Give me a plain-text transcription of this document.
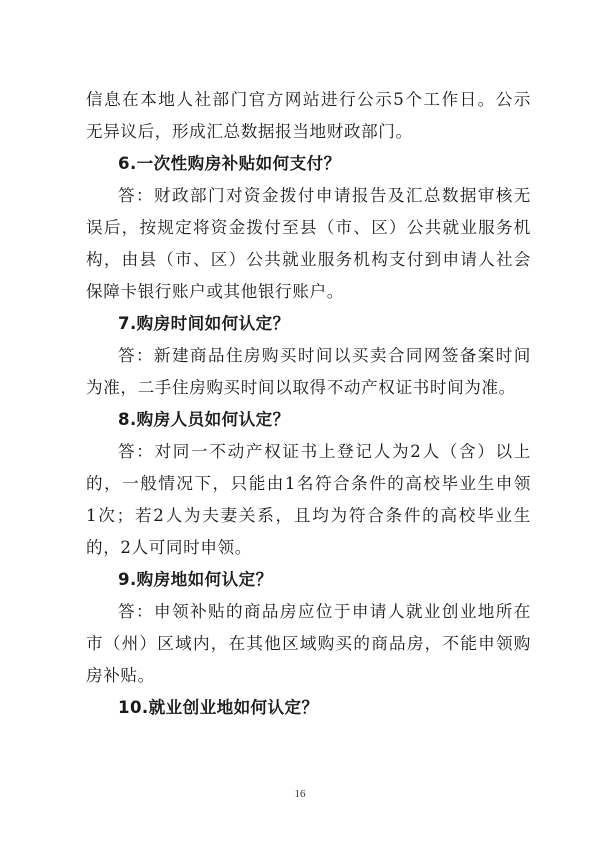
信息在本地人社部门官方网站进行公示5个工作日。公示
无异议后，形成汇总数据报当地财政部门。
6.一次性购房补贴如何支付？
答：财政部门对资金拨付申请报告及汇总数据审核无
误后，按规定将资金拨付至县（市、区）公共就业服务机
构，由县（市、区）公共就业服务机构支付到申请人社会
保障卡银行账户或其他银行账户。
7.购房时间如何认定？
答：新建商品住房购买时间以买卖合同网签备案时间
为准，二手住房购买时间以取得不动产权证书时间为准。
8.购房人员如何认定？
答：对同一不动产权证书上登记人为2人（含）以上
的，一般情况下，只能由1名符合条件的高校毕业生申领
1次；若2人为夫妻关系，且均为符合条件的高校毕业生
的，2人可同时申领。
9.购房地如何认定？
答：申领补贴的商品房应位于申请人就业创业地所在
市（州）区域内，在其他区域购买的商品房，不能申领购
房补贴。
10.就业创业地如何认定？
16
